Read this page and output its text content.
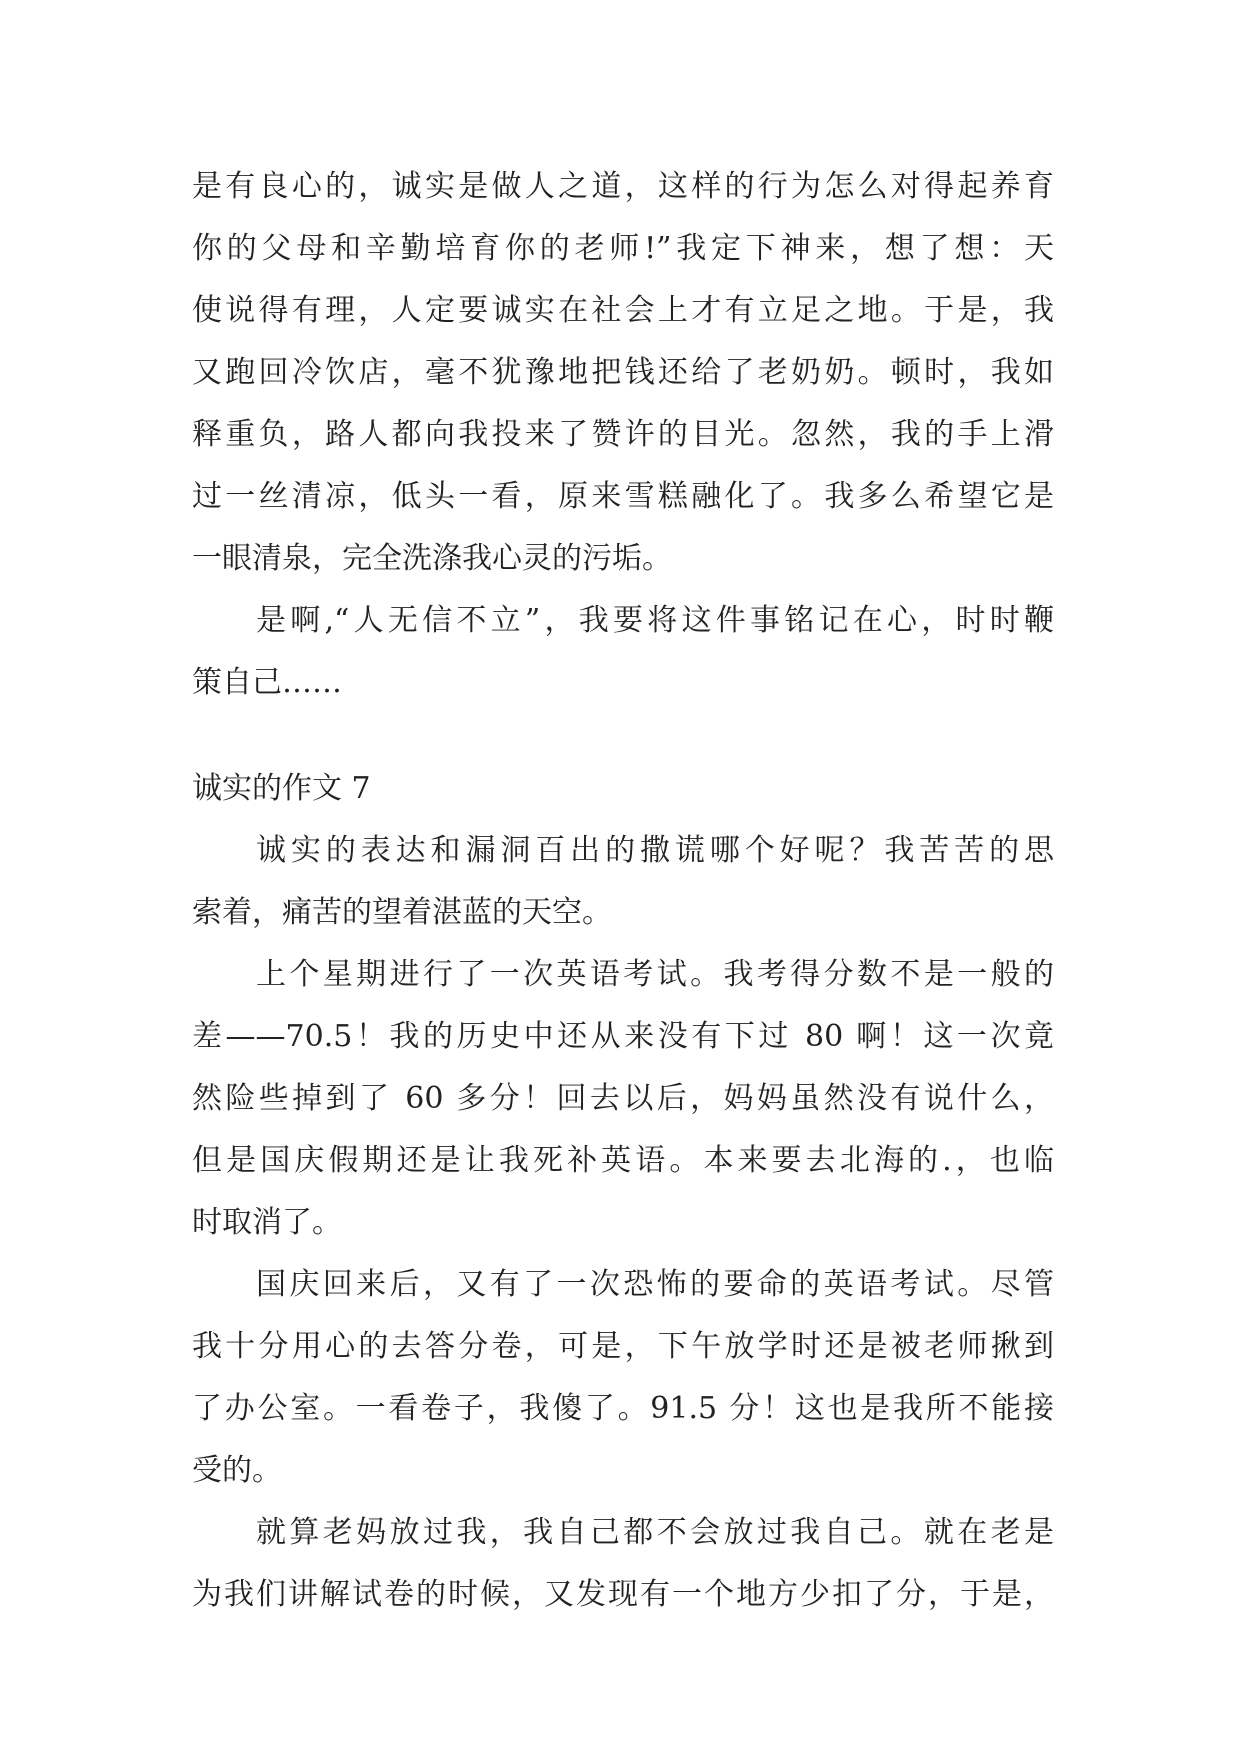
是有良心的，诚实是做人之道，这样的行为怎么对得起养育
你的父母和辛勤培育你的老师!”我定下神来，想了想：天
使说得有理，人定要诚实在社会上才有立足之地。于是，我
又跑回冷饮店，毫不犹豫地把钱还给了老奶奶。顿时，我如
释重负，路人都向我投来了赞许的目光。忽然，我的手上滑
过一丝清凉，低头一看，原来雪糕融化了。我多么希望它是
一眼清泉，完全洗涤我心灵的污垢。
是啊,“人无信不立”，我要将这件事铭记在心，时时鞭
策自己……
诚实的作文 7
诚实的表达和漏洞百出的撒谎哪个好呢？我苦苦的思
索着，痛苦的望着湛蓝的天空。
上个星期进行了一次英语考试。我考得分数不是一般的
差——70.5！我的历史中还从来没有下过 80 啊！这一次竟
然险些掉到了 60 多分！回去以后，妈妈虽然没有说什么，
但是国庆假期还是让我死补英语。本来要去北海的.，也临
时取消了。
国庆回来后，又有了一次恐怖的要命的英语考试。尽管
我十分用心的去答分卷，可是，下午放学时还是被老师揪到
了办公室。一看卷子，我傻了。91.5 分！这也是我所不能接
受的。
就算老妈放过我，我自己都不会放过我自己。就在老是
为我们讲解试卷的时候，又发现有一个地方少扣了分，于是，
